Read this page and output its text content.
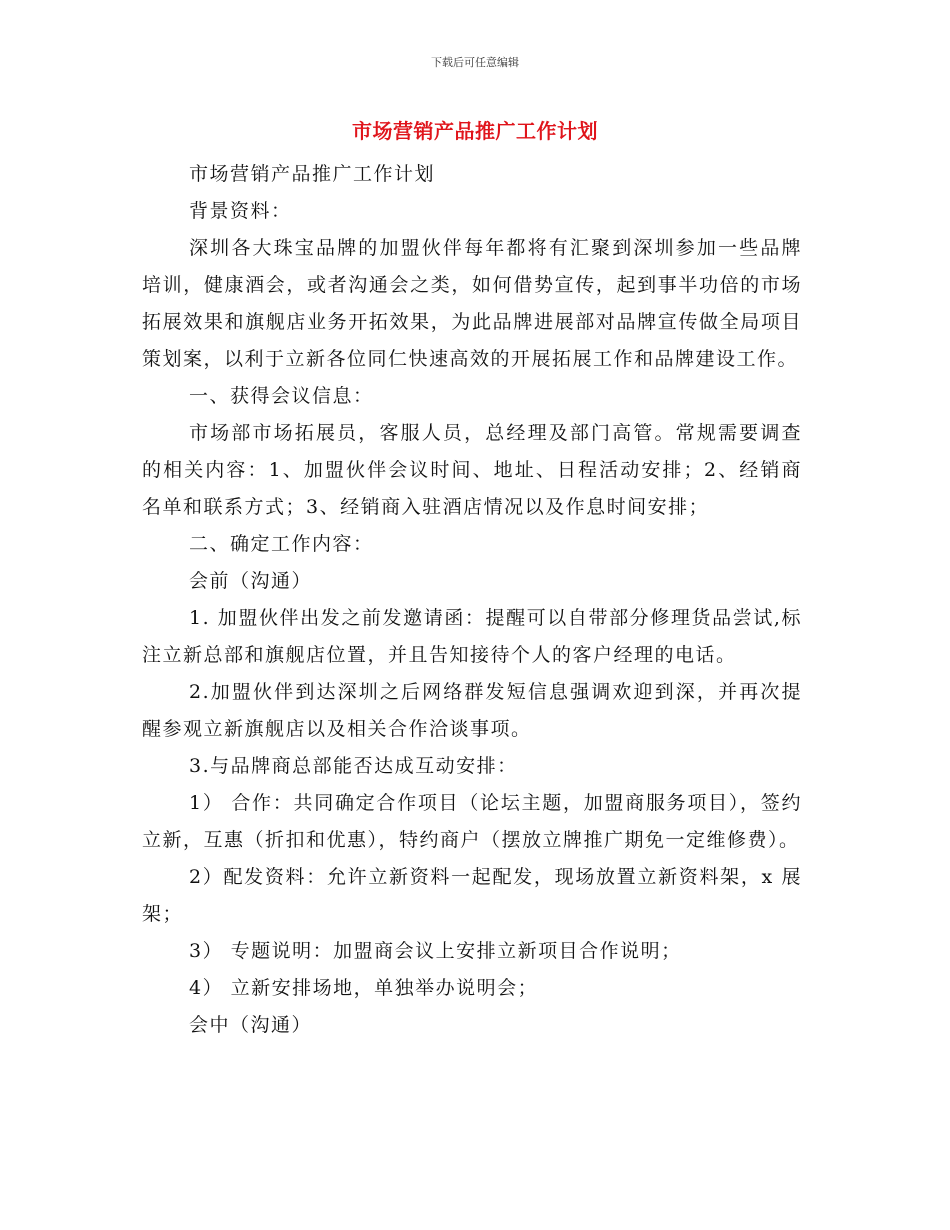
下载后可任意编辑
市场营销产品推广工作计划

市场营销产品推广工作计划

背景资料：

深圳各大珠宝品牌的加盟伙伴每年都将有汇聚到深圳参加一些品牌培训，健康酒会，或者沟通会之类，如何借势宣传，起到事半功倍的市场拓展效果和旗舰店业务开拓效果，为此品牌进展部对品牌宣传做全局项目策划案，以利于立新各位同仁快速高效的开展拓展工作和品牌建设工作。

一、获得会议信息：

市场部市场拓展员，客服人员，总经理及部门高管。常规需要调查的相关内容：1、加盟伙伴会议时间、地址、日程活动安排；2、经销商名单和联系方式；3、经销商入驻酒店情况以及作息时间安排；

二、确定工作内容：

会前（沟通）

1. 加盟伙伴出发之前发邀请函：提醒可以自带部分修理货品尝试,标注立新总部和旗舰店位置，并且告知接待个人的客户经理的电话。

2.加盟伙伴到达深圳之后网络群发短信息强调欢迎到深，并再次提醒参观立新旗舰店以及相关合作洽谈事项。

3.与品牌商总部能否达成互动安排：

1） 合作：共同确定合作项目（论坛主题，加盟商服务项目），签约立新，互惠（折扣和优惠），特约商户（摆放立牌推广期免一定维修费）。

2）配发资料：允许立新资料一起配发，现场放置立新资料架，x 展架；

3） 专题说明：加盟商会议上安排立新项目合作说明；

4） 立新安排场地，单独举办说明会；

会中（沟通）
